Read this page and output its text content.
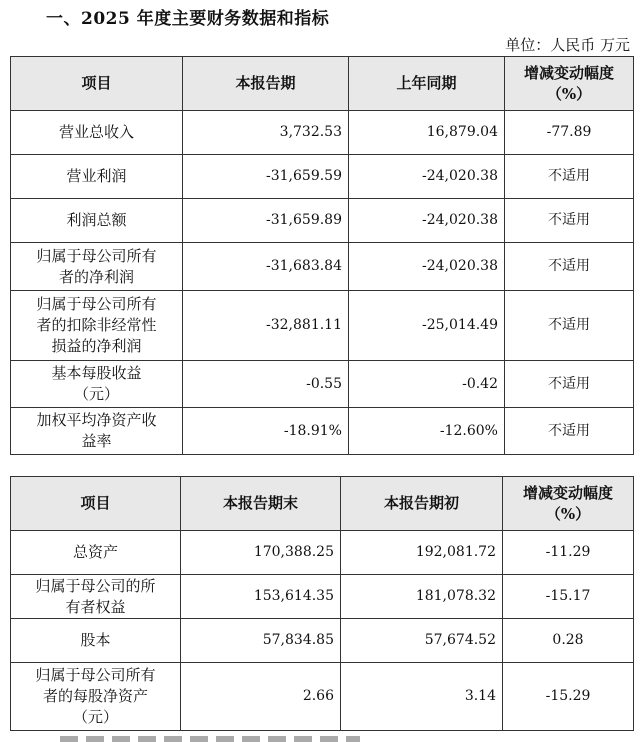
一、2025 年度主要财务数据和指标
单位：人民币 万元
项目	本报告期	上年同期	增减变动幅度
（%）

营业总收入	3,732.53	16,879.04	-77.89

营业利润	-31,659.59	-24,020.38	不适用

利润总额	-31,659.89	-24,020.38	不适用

归属于母公司所有
者的净利润	-31,683.84	-24,020.38	不适用

归属于母公司所有
者的扣除非经常性
损益的净利润	-32,881.11	-25,014.49	不适用

基本每股收益
（元）	-0.55	-0.42	不适用

加权平均净资产收
益率	-18.91%	-12.60%	不适用
项目	本报告期末	本报告期初	增减变动幅度
（%）

总资产	170,388.25	192,081.72	-11.29

归属于母公司的所
有者权益	153,614.35	181,078.32	-15.17

股本	57,834.85	57,674.52	0.28

归属于母公司所有
者的每股净资产
（元）	2.66	3.14	-15.29
